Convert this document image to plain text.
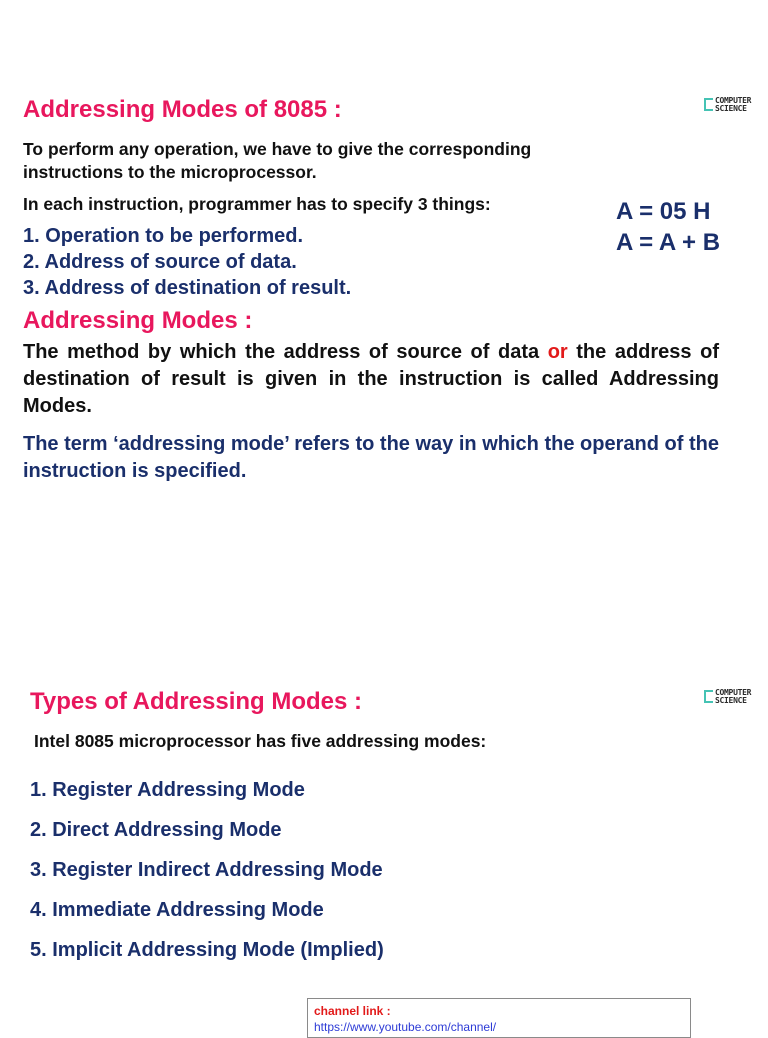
Addressing Modes of 8085 :	COMPUTER
SCIENCE

To perform any operation, we have to give the corresponding
instructions to the microprocessor.

In each instruction, programmer has to specify 3 things:

1. Operation to be performed.
2. Address of source of data.
3. Address of destination of result.
A = 05 H
A = A + B
Addressing Modes :

The method by which the address of source of data or the address of destination of result is given in the instruction is called Addressing Modes.

The term ‘addressing mode’ refers to the way in which the operand of the instruction is specified.

Types of Addressing Modes :	COMPUTER
SCIENCE

Intel 8085 microprocessor has five addressing modes:

1. Register Addressing Mode
2. Direct Addressing Mode
3. Register Indirect Addressing Mode
4. Immediate Addressing Mode
5. Implicit Addressing Mode (Implied)
channel link :
https://www.youtube.com/channel/
